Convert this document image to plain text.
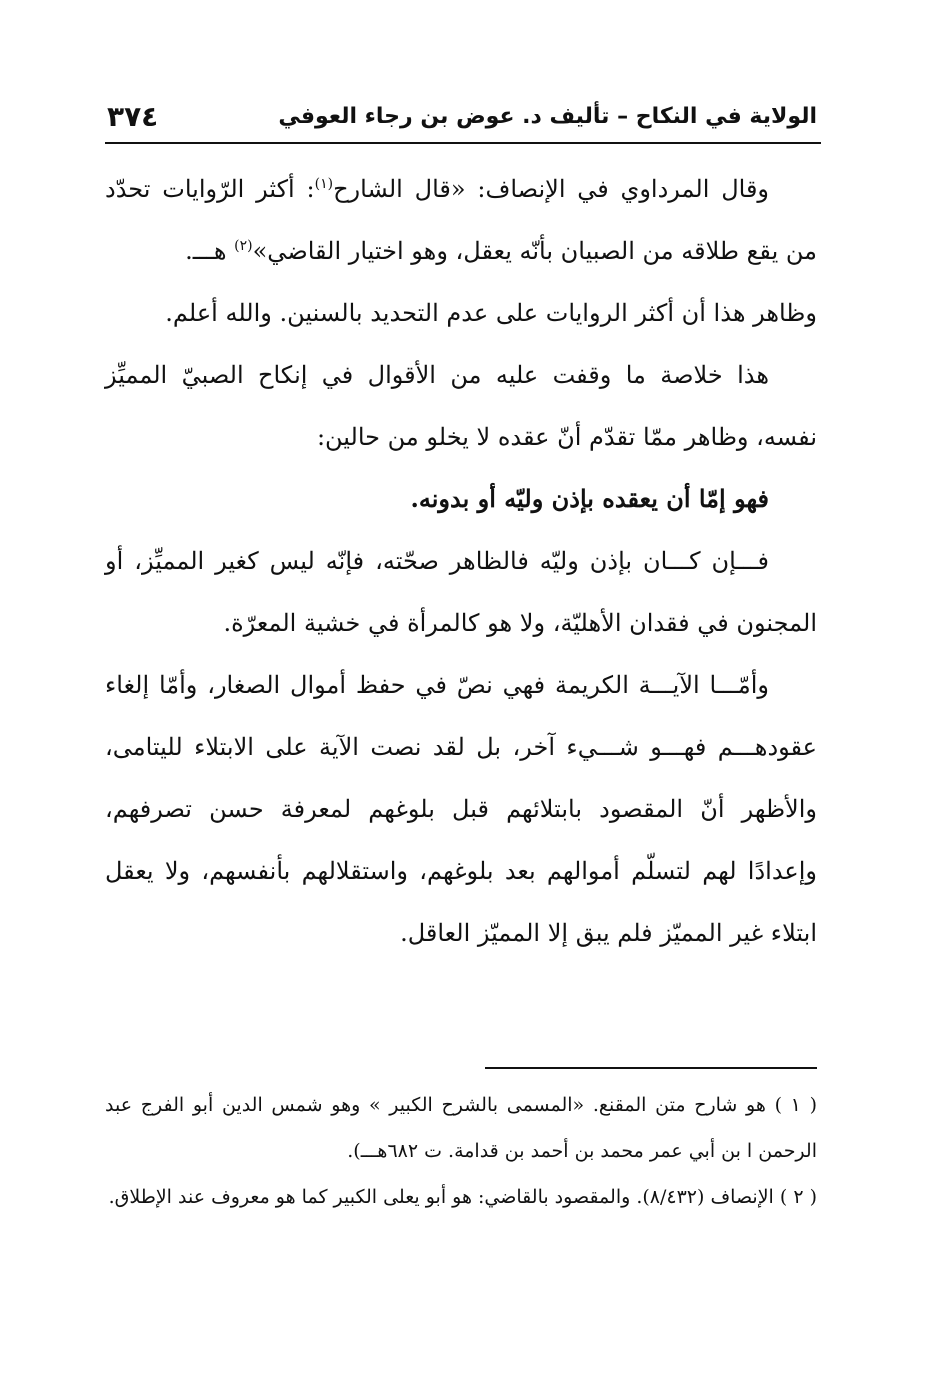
الولاية في النكاح – تأليف د. عوض بن رجاء العوفي
٣٧٤

وقال المرداوي في الإنصاف: «قال الشارح$^{(١)}$: أكثر الرّوايات تحدّد من يقع طلاقه من الصبيان بأنّه يعقل، وهو اختيار القاضي»$^{(٢)}$ هـــ.

وظاهر هذا أن أكثر الروايات على عدم التحديد بالسنين. والله أعلم.

هذا خلاصة ما وقفت عليه من الأقوال في إنكاح الصبيّ المميِّز نفسه، وظاهر ممّا تقدّم أنّ عقده لا يخلو من حالين:

فهو إمّا أن يعقده بإذن وليّه أو بدونه.

فـــإن كـــان بإذن وليّه فالظاهر صحّته، فإنّه ليس كغير المميِّز، أو المجنون في فقدان الأهليّة، ولا هو كالمرأة في خشية المعرّة.

وأمّـــا الآيـــة الكريمة فهي نصّ في حفظ أموال الصغار، وأمّا إلغاء عقودهـــم فهـــو شـــيء آخر، بل لقد نصت الآية على الابتلاء لليتامى، والأظهر أنّ المقصود بابتلائهم قبل بلوغهم لمعرفة حسن تصرفهم، وإعدادًا لهم لتسلّم أموالهم بعد بلوغهم، واستقلالهم بأنفسهم، ولا يعقل ابتلاء غير المميّز فلم يبق إلا المميّز العاقل.

( ١ ) هو شارح متن المقنع. «المسمى بالشرح الكبير » وهو شمس الدين أبو الفرج عبد الرحمن ا بن أبي عمر محمد بن أحمد بن قدامة. ت ٦٨٢هـــ).

( ٢ ) الإنصاف (٨/٤٣٢). والمقصود بالقاضي: هو أبو يعلى الكبير كما هو معروف عند الإطلاق.
